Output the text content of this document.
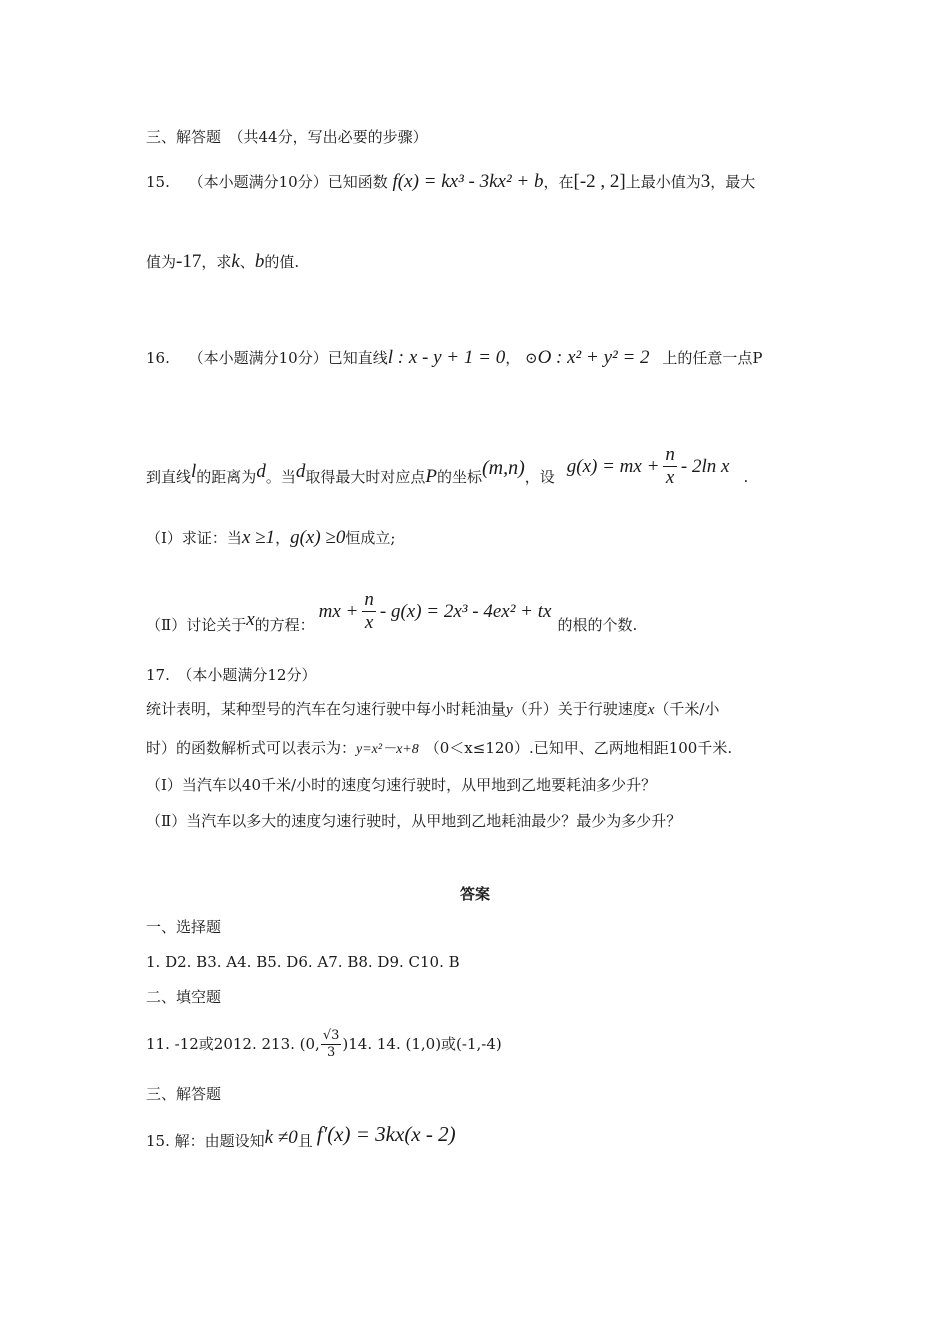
三、解答题　（共44分，写出必要的步骤）
15. （本小题满分10分）已知函数 f(x) = kx³ - 3kx² + b，在[-2 , 2]上最小值为3，最大
值为-17，求k、b的值.
16. （本小题满分10分）已知直线l : x - y + 1 = 0， ⊙O : x² + y² = 2 上的任意一点P
到直线 l 的距离为 d 。当 d 取得最大时对应点 P 的坐标 (m,n) ，设 g(x) = mx + $\frac{n}{x} - 2\ln$ x .
（Ⅰ）求证：当x ≥1，g(x) ≥0恒成立;
（Ⅱ）讨论关于 x 的方程：
mx + $\frac{n}{x} - g(x) = 2x^3 - 4ex^2$ + tx
的根的个数.
17.　（本小题满分12分）
统计表明，某种型号的汽车在匀速行驶中每小时耗油量y（升）关于行驶速度x（千米/小
时）的函数解析式可以表示为：y=x²－x+8 （0＜x≤120）.已知甲、乙两地相距100千米.
（Ⅰ）当汽车以40千米/小时的速度匀速行驶时，从甲地到乙地要耗油多少升？
（Ⅱ）当汽车以多大的速度匀速行驶时，从甲地到乙地耗油最少？最少为多少升？
答案
一、选择题
1. D2. B3. A4. B5. D6. A7. B8. D9. C10. B
二、填空题
11. -12或2012. 213. (0, $\frac{√3}{3} )14$. 14. (1,0)或(-1,-4)
三、解答题
15. 解：由题设知 k ≠0 且 f′(x) = 3kx(x - 2)
